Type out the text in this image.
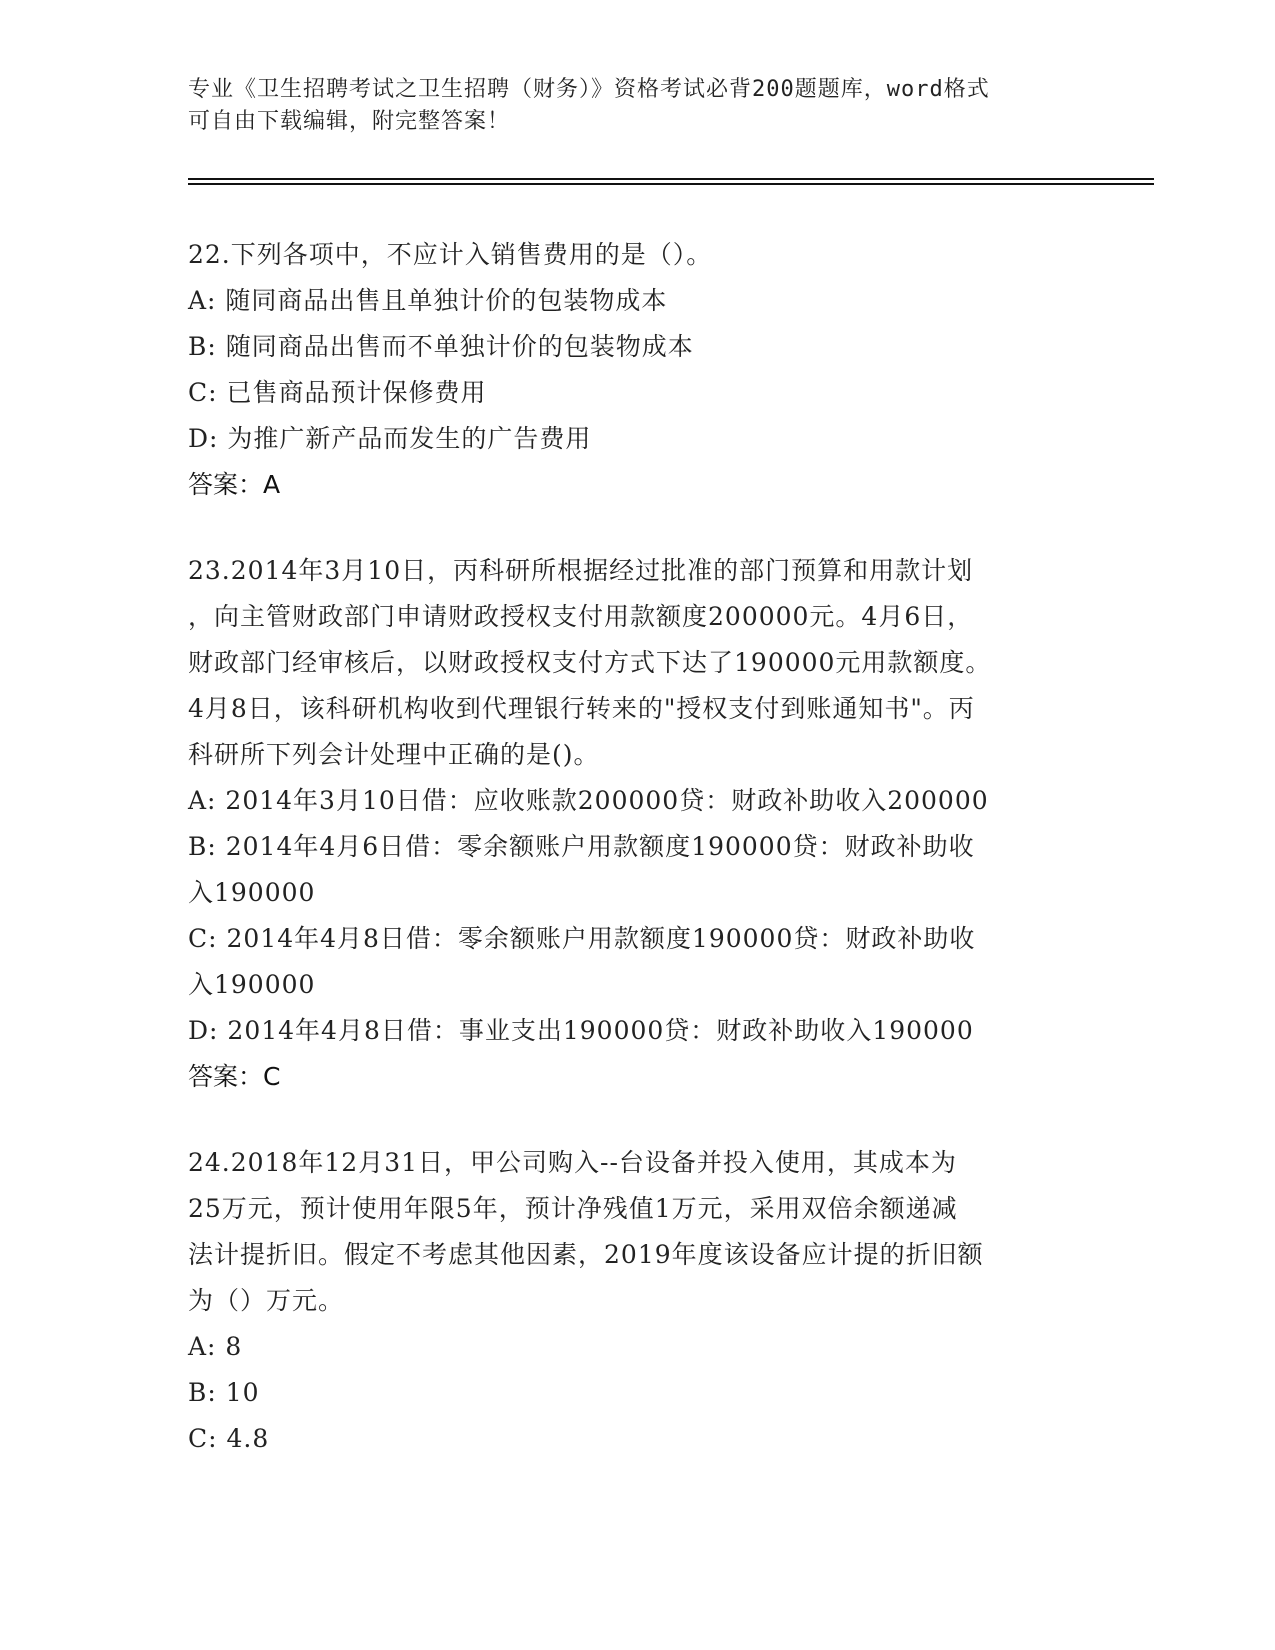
专业《卫生招聘考试之卫生招聘（财务）》资格考试必背200题题库，word格式
可自由下载编辑，附完整答案！
22.下列各项中，不应计入销售费用的是（）。
A: 随同商品出售且单独计价的包装物成本
B: 随同商品出售而不单独计价的包装物成本
C: 已售商品预计保修费用
D: 为推广新产品而发生的广告费用
答案：A
23.2014年3月10日，丙科研所根据经过批准的部门预算和用款计划
，向主管财政部门申请财政授权支付用款额度200000元。4月6日，
财政部门经审核后，以财政授权支付方式下达了190000元用款额度。
4月8日，该科研机构收到代理银行转来的"授权支付到账通知书"。丙
科研所下列会计处理中正确的是()。
A: 2014年3月10日借：应收账款200000贷：财政补助收入200000
B: 2014年4月6日借：零余额账户用款额度190000贷：财政补助收
入190000
C: 2014年4月8日借：零余额账户用款额度190000贷：财政补助收
入190000
D: 2014年4月8日借：事业支出190000贷：财政补助收入190000
答案：C
24.2018年12月31日，甲公司购入--台设备并投入使用，其成本为
25万元，预计使用年限5年，预计净残值1万元，采用双倍余额递减
法计提折旧。假定不考虑其他因素，2019年度该设备应计提的折旧额
为（）万元。
A: 8
B: 10
C: 4.8
